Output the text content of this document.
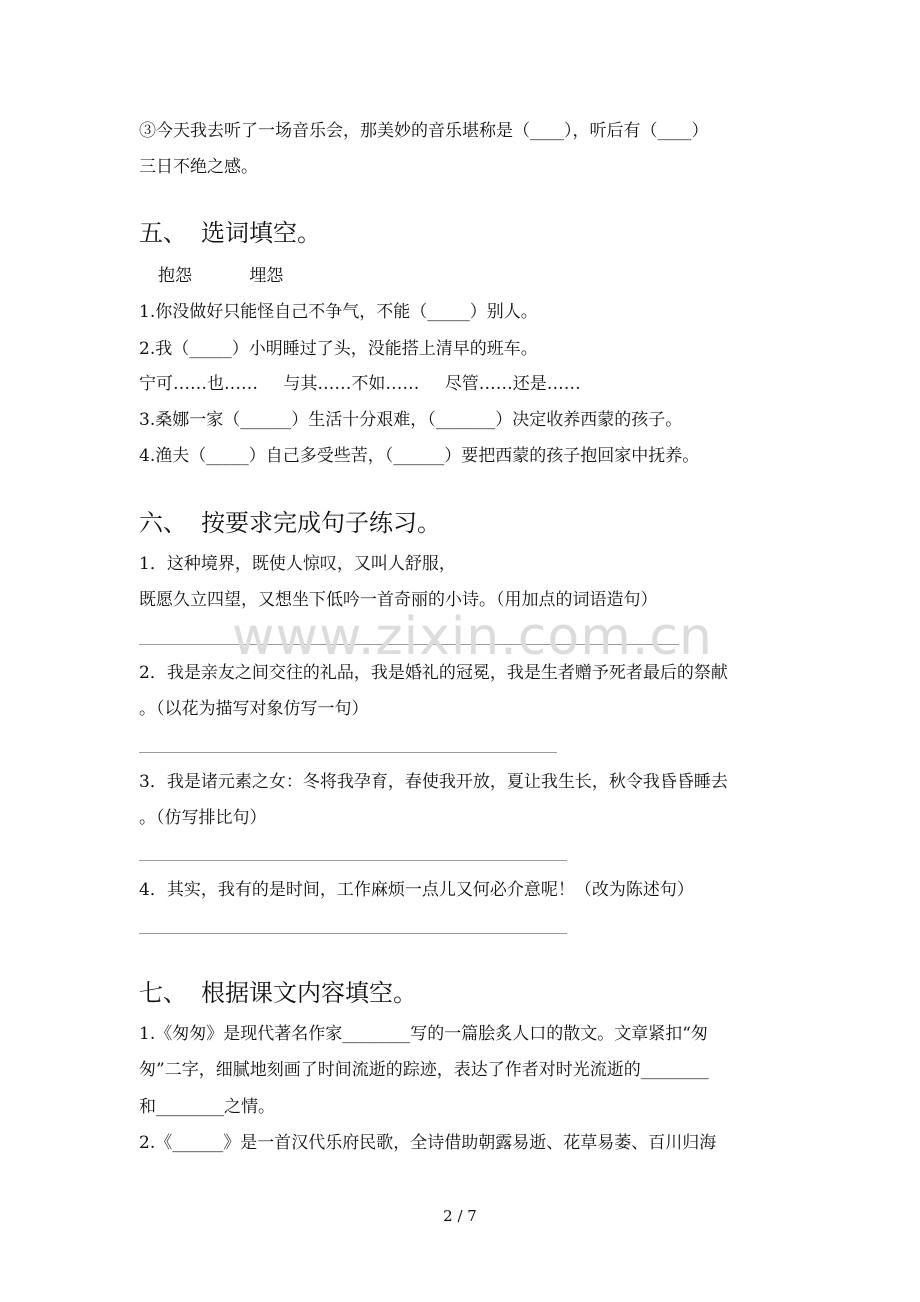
③今天我去听了一场音乐会，那美妙的音乐堪称是（____），听后有（____）
三日不绝之感。
五、 选词填空。
抱怨	埋怨
1.你没做好只能怪自己不争气，不能（_____）别人。
2.我（_____）小明睡过了头，没能搭上清早的班车。
宁可……也…… 与其……不如…… 尽管……还是……
3.桑娜一家（______）生活十分艰难，（_______）决定收养西蒙的孩子。
4.渔夫（_____）自己多受些苦，（______）要把西蒙的孩子抱回家中抚养。
六、 按要求完成句子练习。
1．这种境界，既使人惊叹，又叫人舒服，
既愿久立四望，又想坐下低吟一首奇丽的小诗。（用加点的词语造句）
2．我是亲友之间交往的礼品，我是婚礼的冠冕，我是生者赠予死者最后的祭献
。（以花为描写对象仿写一句）
3．我是诸元素之女：冬将我孕育，春使我开放，夏让我生长，秋令我昏昏睡去
。（仿写排比句）
4．其实，我有的是时间，工作麻烦一点儿又何必介意呢！（改为陈述句）
七、 根据课文内容填空。
1.《匆匆》是现代著名作家________写的一篇脍炙人口的散文。文章紧扣“匆
匆”二字，细腻地刻画了时间流逝的踪迹，表达了作者对时光流逝的________
和________之情。
2.《______》是一首汉代乐府民歌，全诗借助朝露易逝、花草易萎、百川归海
www.zixin.com.cn
2 / 7
